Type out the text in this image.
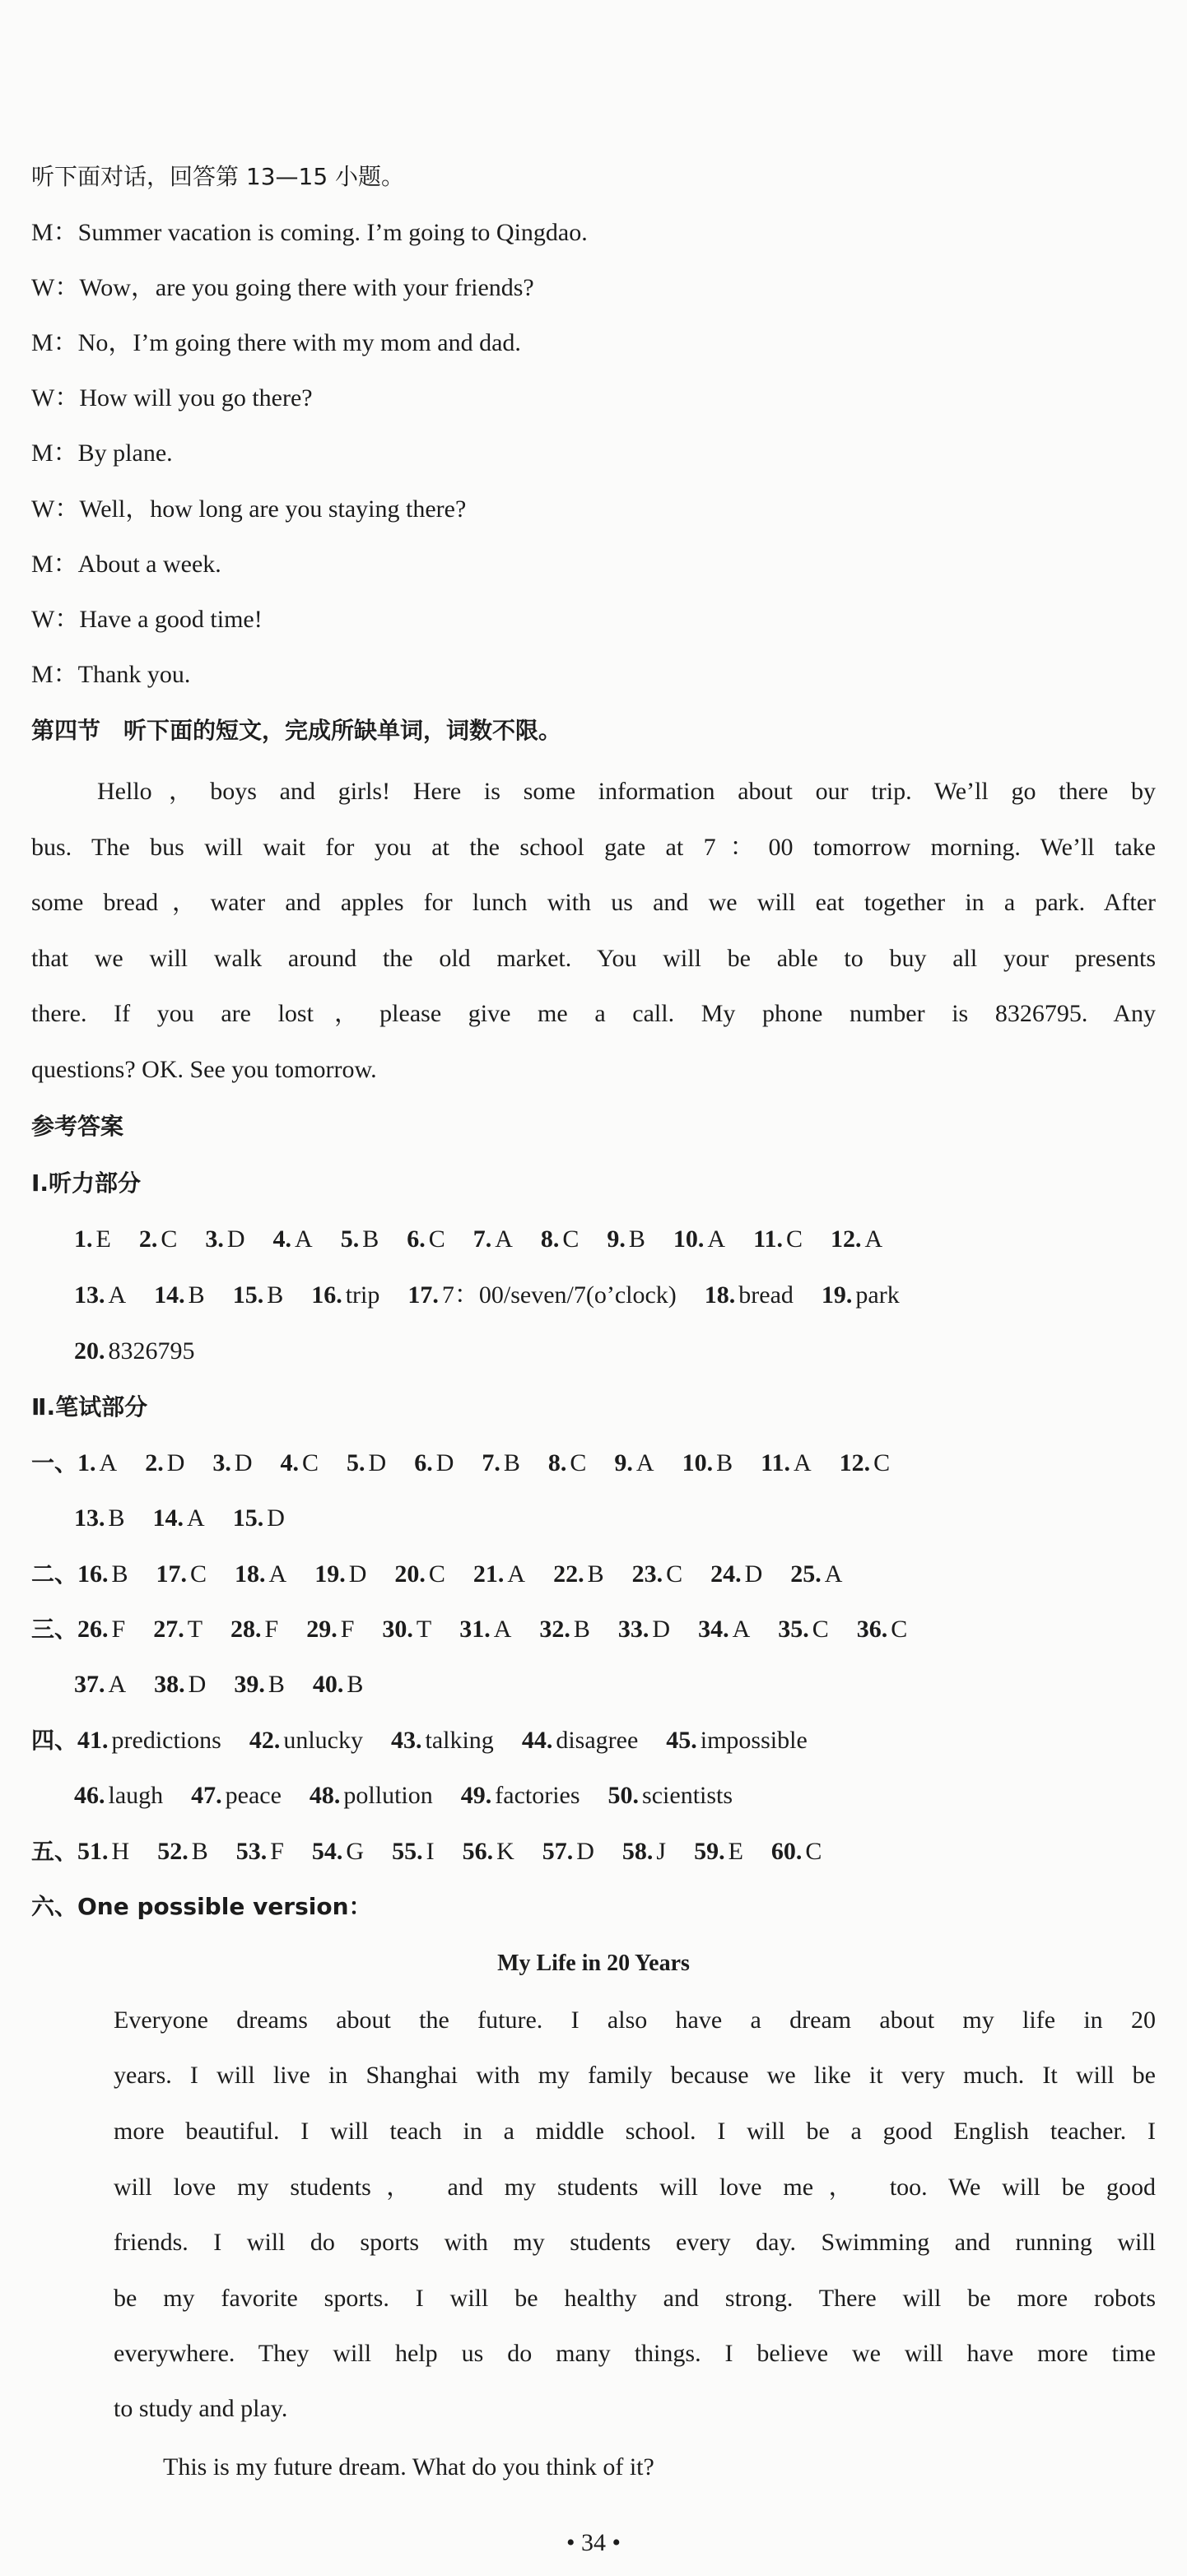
听下面对话，回答第 13—15 小题。
M：Summer vacation is coming. I’m going to Qingdao.
W：Wow，are you going there with your friends?
M：No，I’m going there with my mom and dad.
W：How will you go there?
M：By plane.
W：Well，how long are you staying there?
M：About a week.
W：Have a good time!
M：Thank you.
第四节　听下面的短文，完成所缺单词，词数不限。
Hello，boys and girls! Here is some information about our trip. We’ll go there by
bus. The bus will wait for you at the school gate at 7：00 tomorrow morning. We’ll take
some bread，water and apples for lunch with us and we will eat together in a park. After
that we will walk around the old market. You will be able to buy all your presents
there. If you are lost，please give me a call. My phone number is 8326795. Any
questions? OK. See you tomorrow.
参考答案
Ⅰ.听力部分
1. E 2. C 3. D 4. A 5. B 6. C 7. A 8. C 9. B 10. A 11. C 12. A
13. A 14. B 15. B 16. trip 17. 7：00/seven/7(o’clock) 18. bread 19. park
20. 8326795
Ⅱ.笔试部分
一、1. A 2. D 3. D 4. C 5. D 6. D 7. B 8. C 9. A 10. B 11. A 12. C
13. B 14. A 15. D
二、16. B 17. C 18. A 19. D 20. C 21. A 22. B 23. C 24. D 25. A
三、26. F 27. T 28. F 29. F 30. T 31. A 32. B 33. D 34. A 35. C 36. C
37. A 38. D 39. B 40. B
四、41. predictions 42. unlucky 43. talking 44. disagree 45. impossible
46. laugh 47. peace 48. pollution 49. factories 50. scientists
五、51. H 52. B 53. F 54. G 55. I 56. K 57. D 58. J 59. E 60. C
六、One possible version：
My Life in 20 Years
Everyone dreams about the future. I also have a dream about my life in 20
years. I will live in Shanghai with my family because we like it very much. It will be
more beautiful. I will teach in a middle school. I will be a good English teacher. I
will love my students， and my students will love me， too. We will be good
friends. I will do sports with my students every day. Swimming and running will
be my favorite sports. I will be healthy and strong. There will be more robots
everywhere. They will help us do many things. I believe we will have more time
to study and play.
This is my future dream. What do you think of it?
• 34 •
